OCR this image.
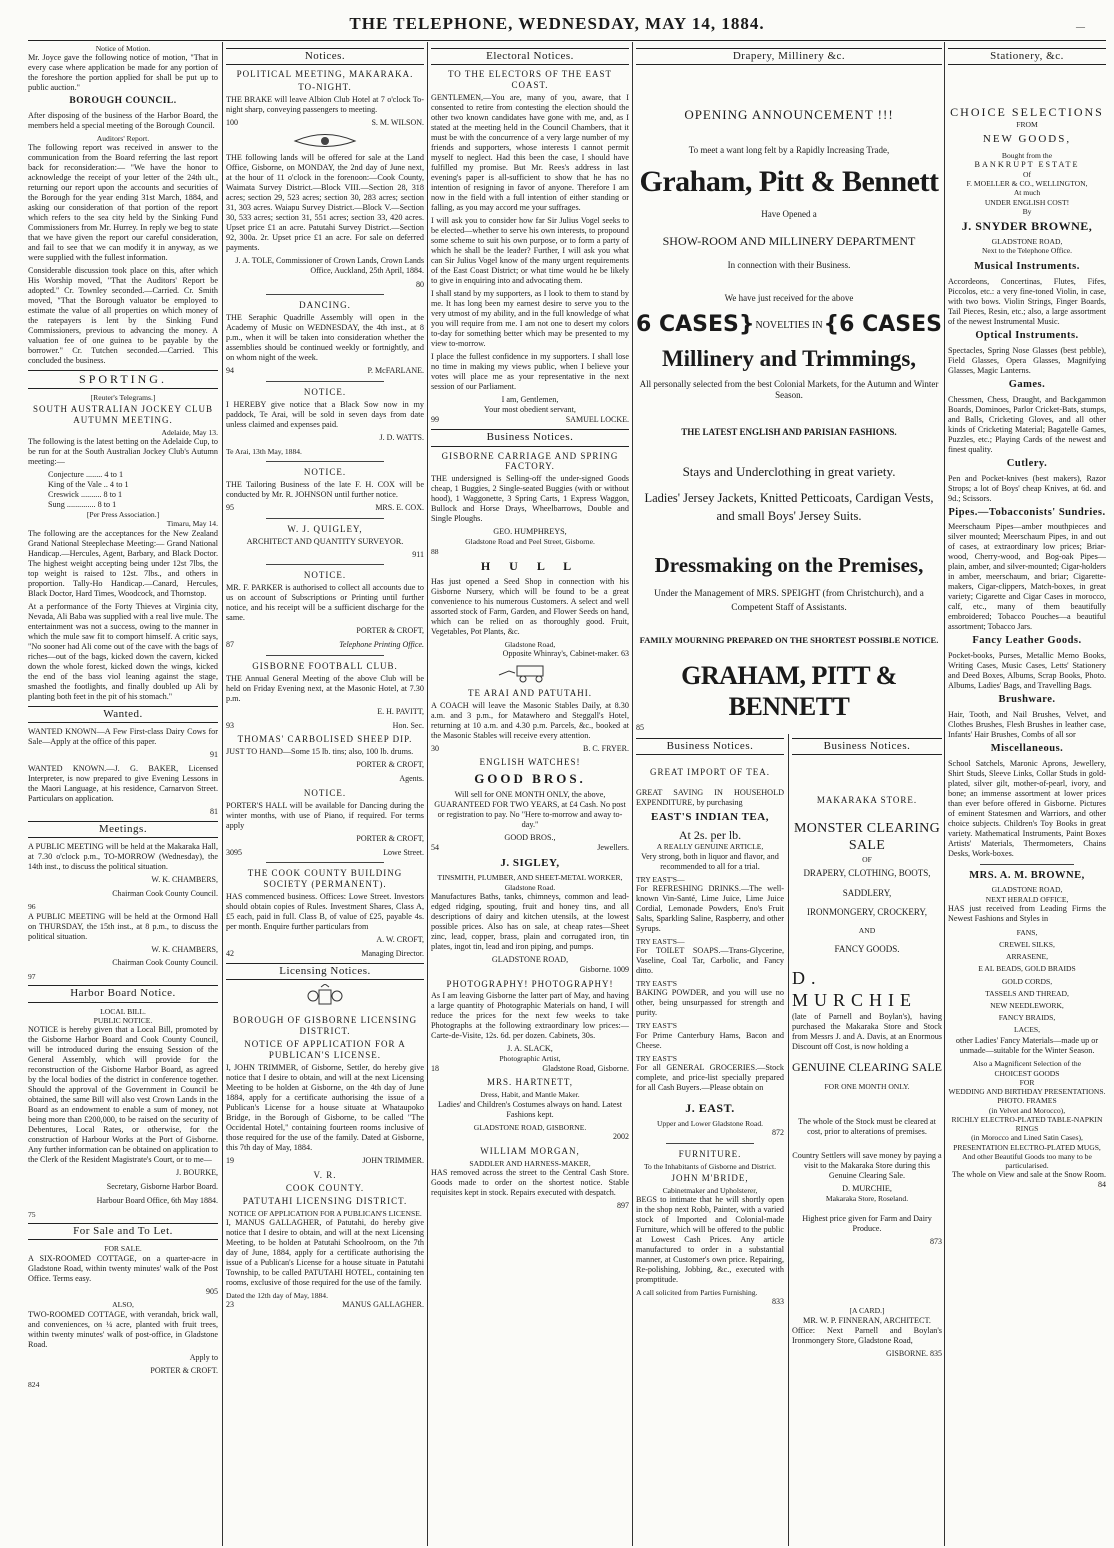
THE TELEPHONE, WEDNESDAY, MAY 14, 1884.	—
Notice of Motion.

Mr. Joyce gave the following notice of motion, "That in every case where application be made for any portion of the foreshore the portion applied for shall be put up to public auction."

BOROUGH COUNCIL.

After disposing of the business of the Harbor Board, the members held a special meeting of the Borough Council.

Auditors' Report.

The following report was received in answer to the communication from the Board referring the last report back for reconsideration:— "We have the honor to acknowledge the receipt of your letter of the 24th ult., returning our report upon the accounts and securities of the Borough for the year ending 31st March, 1884, and asking our consideration of that portion of the report which refers to the sea city held by the Sinking Fund Commissioners from Mr. Hurrey. In reply we beg to state that we have given the report our careful consideration, and fail to see that we can modify it in anyway, as we were supplied with the fullest information.

Considerable discussion took place on this, after which His Worship moved, "That the Auditors' Report be adopted." Cr. Townley seconded.—Carried. Cr. Smith moved, "That the Borough valuator be employed to estimate the value of all properties on which money of the ratepayers is lent by the Sinking Fund Commissioners, previous to advancing the money. A valuation fee of one guinea to be payable by the borrower." Cr. Tutchen seconded.—Carried. This concluded the business.

SPORTING.
[Reuter's Telegrams.]
SOUTH AUSTRALIAN JOCKEY CLUB AUTUMN MEETING.
Adelaide, May 13.

The following is the latest betting on the Adelaide Cup, to be run for at the South Australian Jockey Club's Autumn meeting:—

Conjecture ........ 4 to 1
King of the Vale .. 4 to 1
Creswick .......... 8 to 1
Sung .............. 8 to 1
[Per Press Association.]
Timaru, May 14.

The following are the acceptances for the New Zealand Grand National Steeplechase Meeting:— Grand National Handicap.—Hercules, Agent, Barbary, and Black Doctor. The highest weight accepting being under 12st 7lbs, the top weight is raised to 12st. 7lbs., and others in proportion. Tally-Ho Handicap.—Canard, Hercules, Black Doctor, Hard Times, Woodcock, and Thornstop.

At a performance of the Forty Thieves at Virginia city, Nevada, Ali Baba was supplied with a real live mule. The entertainment was not a success, owing to the manner in which the mule saw fit to comport himself. A critic says, "No sooner had Ali come out of the cave with the bags of riches—out of the bags, kicked down the cavern, kicked down the whole forest, kicked down the wings, kicked the end of the bass viol leaning against the stage, smashed the footlights, and finally doubled up Ali by planting both feet in the pit of his stomach."

Wanted.

WANTED KNOWN—A Few First-class Dairy Cows for Sale—Apply at the office of this paper.

91

WANTED KNOWN.—J. G. BAKER, Licensed Interpreter, is now prepared to give Evening Lessons in the Maori Language, at his residence, Carnarvon Street. Particulars on application.

81
Meetings.

A PUBLIC MEETING will be held at the Makaraka Hall, at 7.30 o'clock p.m., TO-MORROW (Wednesday), the 14th inst., to discuss the political situation.

W. K. CHAMBERS,
Chairman Cook County Council.
96

A PUBLIC MEETING will be held at the Ormond Hall on THURSDAY, the 15th inst., at 8 p.m., to discuss the political situation.

W. K. CHAMBERS,
Chairman Cook County Council.
97
Harbor Board Notice.
LOCAL BILL.
PUBLIC NOTICE.

NOTICE is hereby given that a Local Bill, promoted by the Gisborne Harbor Board and Cook County Council, will be introduced during the ensuing Session of the General Assembly, which will provide for the reconstruction of the Gisborne Harbor Board, as agreed by the local bodies of the district in conference together. Should the approval of the Government in Council be obtained, the same Bill will also vest Crown Lands in the Board as an endowment to enable a sum of money, not being more than £200,000, to be raised on the security of Debentures, Local Rates, or otherwise, for the construction of Harbour Works at the Port of Gisborne. Any further information can be obtained on application to the Clerk of the Resident Magistrate's Court, or to me—

J. BOURKE,
Secretary, Gisborne Harbor Board.
Harbour Board Office, 6th May 1884.
75
For Sale and To Let.
FOR SALE.

A SIX-ROOMED COTTAGE, on a quarter-acre in Gladstone Road, within twenty minutes' walk of the Post Office. Terms easy.

905
ALSO,

TWO-ROOMED COTTAGE, with verandah, brick wall, and conveniences, on ¼ acre, planted with fruit trees, within twenty minutes' walk of post-office, in Gladstone Road.

Apply to
PORTER & CROFT.
824
Notices.
POLITICAL MEETING, MAKARAKA.
TO-NIGHT.

THE BRAKE will leave Albion Club Hotel at 7 o'clock To-night sharp, conveying passengers to meeting.

100	S. M. WILSON.

THE following lands will be offered for sale at the Land Office, Gisborne, on MONDAY, the 2nd day of June next, at the hour of 11 o'clock in the forenoon:—Cook County, Waimata Survey District.—Block VIII.—Section 28, 318 acres; section 29, 523 acres; section 30, 283 acres; section 31, 303 acres. Waiapu Survey District.—Block V.—Section 30, 533 acres; section 31, 551 acres; section 33, 420 acres. Upset price £1 an acre. Patutahi Survey District.—Section 92, 300a. 2r. Upset price £1 an acre. For sale on deferred payments.

J. A. TOLE, Commissioner of Crown Lands, Crown Lands Office, Auckland, 25th April, 1884.
80
DANCING.

THE Seraphic Quadrille Assembly will open in the Academy of Music on WEDNESDAY, the 4th inst., at 8 p.m., when it will be taken into consideration whether the assemblies should be continued weekly or fortnightly, and on whom night of the week.

94	P. McFARLANE.
NOTICE.

I HEREBY give notice that a Black Sow now in my paddock, Te Arai, will be sold in seven days from date unless claimed and expenses paid.

J. D. WATTS.
Te Arai, 13th May, 1884.
NOTICE.

THE Tailoring Business of the late F. H. COX will be conducted by Mr. R. JOHNSON until further notice.

95	MRS. E. COX.
W. J. QUIGLEY,

ARCHITECT AND QUANTITY SURVEYOR.

911
NOTICE.

MR. F. PARKER is authorised to collect all accounts due to us on account of Subscriptions or Printing until further notice, and his receipt will be a sufficient discharge for the same.

PORTER & CROFT,
87	Telephone Printing Office.
GISBORNE FOOTBALL CLUB.

THE Annual General Meeting of the above Club will be held on Friday Evening next, at the Masonic Hotel, at 7.30 p.m.

E. H. PAVITT,
93	Hon. Sec.
THOMAS' CARBOLISED SHEEP DIP.

JUST TO HAND—Some 15 lb. tins; also, 100 lb. drums.

PORTER & CROFT,
Agents.
NOTICE.

PORTER'S HALL will be available for Dancing during the winter months, with use of Piano, if required. For terms apply

PORTER & CROFT,
3095	Lowe Street.
THE COOK COUNTY BUILDING SOCIETY (PERMANENT).

HAS commenced business. Offices: Lowe Street. Investors should obtain copies of Rules. Investment Shares, Class A, £5 each, paid in full. Class B, of value of £25, payable 4s. per month. Enquire further particulars from

A. W. CROFT,
42	Managing Director.
Licensing Notices.
BOROUGH OF GISBORNE LICENSING DISTRICT.
NOTICE OF APPLICATION FOR A PUBLICAN'S LICENSE.

I, JOHN TRIMMER, of Gisborne, Settler, do hereby give notice that I desire to obtain, and will at the next Licensing Meeting to be holden at Gisborne, on the 4th day of June 1884, apply for a certificate authorising the issue of a Publican's License for a house situate at Whataupoko Bridge, in the Borough of Gisborne, to be called "The Occidental Hotel," containing fourteen rooms inclusive of those required for the use of the family. Dated at Gisborne, this 7th day of May, 1884.

19	JOHN TRIMMER.
V. R.
COOK COUNTY.
PATUTAHI LICENSING DISTRICT.
NOTICE OF APPLICATION FOR A PUBLICAN'S LICENSE.

I, MANUS GALLAGHER, of Patutahi, do hereby give notice that I desire to obtain, and will at the next Licensing Meeting, to be holden at Patutahi Schoolroom, on the 7th day of June, 1884, apply for a certificate authorising the issue of a Publican's License for a house situate in Patutahi Township, to be called PATUTAHI HOTEL, containing ten rooms, exclusive of those required for the use of the family.

Dated the 12th day of May, 1884.
23	MANUS GALLAGHER.
Electoral Notices.
TO THE ELECTORS OF THE EAST COAST.

GENTLEMEN,—You are, many of you, aware, that I consented to retire from contesting the election should the other two known candidates have gone with me, and, as I stated at the meeting held in the Council Chambers, that it must be with the concurrence of a very large number of my friends and supporters, whose interests I cannot permit myself to neglect. Had this been the case, I should have fulfilled my promise. But Mr. Rees's address in last evening's paper is all-sufficient to show that he has no intention of resigning in favor of anyone. Therefore I am now in the field with a full intention of either standing or falling, as you may accord me your suffrages.

I will ask you to consider how far Sir Julius Vogel seeks to be elected—whether to serve his own interests, to propound some scheme to suit his own purpose, or to form a party of which he shall be the leader? Further, I will ask you what can Sir Julius Vogel know of the many urgent requirements of the East Coast District; or what time would he be likely to give in enquiring into and advocating them.

I shall stand by my supporters, as I look to them to stand by me. It has long been my earnest desire to serve you to the very utmost of my ability, and in the full knowledge of what you will require from me. I am not one to desert my colors to-day for something better which may be presented to my view to-morrow.

I place the fullest confidence in my supporters. I shall lose no time in making my views public, when I believe your votes will place me as your representative in the next session of our Parliament.

I am, Gentlemen,
Your most obedient servant,
99	SAMUEL LOCKE.
Business Notices.
GISBORNE CARRIAGE AND SPRING FACTORY.

THE undersigned is Selling-off the under-signed Goods cheap, 1 Buggies, 2 Single-seated Buggies (with or without hood), 1 Waggonette, 3 Spring Carts, 1 Express Waggon, Bullock and Horse Drays, Wheelbarrows, Double and Single Ploughs.

GEO. HUMPHREYS,
Gladstone Road and Peel Street, Gisborne.
88
H U L L

Has just opened a Seed Shop in connection with his Gisborne Nursery, which will be found to be a great convenience to his numerous Customers. A select and well assorted stock of Farm, Garden, and Flower Seeds on hand, which can be relied on as thoroughly good. Fruit, Vegetables, Pot Plants, &c.

Gladstone Road,
Opposite Whinray's, Cabinet-maker. 63
TE ARAI AND PATUTAHI.

A COACH will leave the Masonic Stables Daily, at 8.30 a.m. and 3 p.m., for Matawhero and Steggall's Hotel, returning at 10 a.m. and 4.30 p.m. Parcels, &c., booked at the Masonic Stables will receive every attention.

30	B. C. FRYER.
ENGLISH WATCHES!
GOOD BROS.

Will sell for ONE MONTH ONLY, the above, GUARANTEED FOR TWO YEARS, at £4 Cash. No post or registration to pay. No "Here to-morrow and away to-day."

GOOD BROS.,
54	Jewellers.
J. SIGLEY,
TINSMITH, PLUMBER, AND SHEET-METAL WORKER,
Gladstone Road.

Manufactures Baths, tanks, chimneys, common and lead-edged ridging, spouting, fruit and honey tins, and all descriptions of dairy and kitchen utensils, at the lowest possible prices. Also has on sale, at cheap rates—Sheet zinc, lead, copper, brass, plain and corrugated iron, tin plates, ingot tin, lead and iron piping, and pumps.

GLADSTONE ROAD,
Gisborne. 1009
PHOTOGRAPHY! PHOTOGRAPHY!

As I am leaving Gisborne the latter part of May, and having a large quantity of Photographic Materials on hand, I will reduce the prices for the next few weeks to take Photographs at the following extraordinary low prices:— Carte-de-Visite, 12s. 6d. per dozen. Cabinets, 30s.

J. A. SLACK,
Photographic Artist,
18	Gladstone Road, Gisborne.
MRS. HARTNETT,
Dress, Habit, and Mantle Maker.

Ladies' and Children's Costumes always on hand. Latest Fashions kept.

GLADSTONE ROAD, GISBORNE.
2002
WILLIAM MORGAN,
SADDLER AND HARNESS-MAKER,

HAS removed across the street to the Central Cash Store. Goods made to order on the shortest notice. Stable requisites kept in stock. Repairs executed with despatch.

897
Drapery, Millinery &c.
OPENING ANNOUNCEMENT !!!
To meet a want long felt by a Rapidly Increasing Trade,
Graham, Pitt & Bennett
Have Opened a
SHOW-ROOM AND MILLINERY DEPARTMENT
In connection with their Business.
We have just received for the above
6 CASES} NOVELTIES IN {6 CASES
Millinery and Trimmings,
All personally selected from the best Colonial Markets, for the Autumn and Winter Season.
THE LATEST ENGLISH AND PARISIAN FASHIONS.
Stays and Underclothing in great variety.
Ladies' Jersey Jackets, Knitted Petticoats, Cardigan Vests, and small Boys' Jersey Suits.
Dressmaking on the Premises,
Under the Management of MRS. SPEIGHT (from Christchurch), and a Competent Staff of Assistants.
FAMILY MOURNING PREPARED ON THE SHORTEST POSSIBLE NOTICE.
GRAHAM, PITT & BENNETT
85
Business Notices.
GREAT IMPORT OF TEA.

GREAT SAVING IN HOUSEHOLD EXPENDITURE, by purchasing

EAST'S INDIAN TEA,
At 2s. per lb.
A REALLY GENUINE ARTICLE,

Very strong, both in liquor and flavor, and recommended to all for a trial.

TRY EAST'S—

For REFRESHING DRINKS.—The well-known Vin-Santé, Lime Juice, Lime Juice Cordial, Lemonade Powders, Eno's Fruit Salts, Sparkling Saline, Raspberry, and other Syrups.

TRY EAST'S—

For TOILET SOAPS.—Trans-Glycerine, Vaseline, Coal Tar, Carbolic, and Fancy ditto.

TRY EAST'S

BAKING POWDER, and you will use no other, being unsurpassed for strength and purity.

TRY EAST'S

For Prime Canterbury Hams, Bacon and Cheese.

TRY EAST'S

For all GENERAL GROCERIES.—Stock complete, and price-list specially prepared for all Cash Buyers.—Please obtain on

J. EAST.
Upper and Lower Gladstone Road.
872
FURNITURE.
To the Inhabitants of Gisborne and District.
JOHN M'BRIDE,
Cabinetmaker and Upholsterer,

BEGS to intimate that he will shortly open in the shop next Robb, Painter, with a varied stock of Imported and Colonial-made Furniture, which will be offered to the public at Lowest Cash Prices. Any article manufactured to order in a substantial manner, at Customer's own price. Repairing, Re-polishing, Jobbing, &c., executed with promptitude.

A call solicited from Parties Furnishing.
833
Business Notices.
MAKARAKA STORE.
MONSTER CLEARING SALE
OF
DRAPERY, CLOTHING, BOOTS,
SADDLERY,
IRONMONGERY, CROCKERY,
AND
FANCY GOODS.
D. MURCHIE

(late of Parnell and Boylan's), having purchased the Makaraka Store and Stock from Messrs J. and A. Davis, at an Enormous Discount off Cost, is now holding a

GENUINE CLEARING SALE
FOR ONE MONTH ONLY.

The whole of the Stock must be cleared at cost, prior to alterations of premises.

Country Settlers will save money by paying a visit to the Makaraka Store during this Genuine Clearing Sale.

D. MURCHIE,
Makaraka Store, Roseland.

Highest price given for Farm and Dairy Produce.

873
[A CARD.]
MR. W. P. FINNERAN, ARCHITECT.

Office: Next Parnell and Boylan's Ironmongery Store, Gladstone Road,

GISBORNE. 835
Stationery, &c.
CHOICE SELECTIONS
FROM
NEW GOODS,
Bought from the
BANKRUPT ESTATE
Of
F. MOELLER & CO., WELLINGTON,
At much
UNDER ENGLISH COST!
By
J. SNYDER BROWNE,
GLADSTONE ROAD,
Next to the Telephone Office.
Musical Instruments.

Accordeons, Concertinas, Flutes, Fifes, Piccolos, etc.: a very fine-toned Violin, in case, with two bows. Violin Strings, Finger Boards, Tail Pieces, Resin, etc.; also, a large assortment of the newest Instrumental Music.

Optical Instruments.

Spectacles, Spring Nose Glasses (best pebble), Field Glasses, Opera Glasses, Magnifying Glasses, Magic Lanterns.

Games.

Chessmen, Chess, Draught, and Backgammon Boards, Dominoes, Parlor Cricket-Bats, stumps, and Balls, Cricketing Gloves, and all other kinds of Cricketing Material; Bagatelle Games, Puzzles, etc.; Playing Cards of the newest and finest quality.

Cutlery.

Pen and Pocket-knives (best makers), Razor Strops; a lot of Boys' cheap Knives, at 6d. and 9d.; Scissors.

Pipes.—Tobacconists' Sundries.

Meerschaum Pipes—amber mouthpieces and silver mounted; Meerschaum Pipes, in and out of cases, at extraordinary low prices; Briar-wood, Cherry-wood, and Bog-oak Pipes—plain, amber, and silver-mounted; Cigar-holders in amber, meerschaum, and briar; Cigarette-makers, Cigar-clippers, Match-boxes, in great variety; Cigarette and Cigar Cases in morocco, calf, etc., many of them beautifully embroidered; Tobacco Pouches—a beautiful assortment; Tobacco Jars.

Fancy Leather Goods.

Pocket-books, Purses, Metallic Memo Books, Writing Cases, Music Cases, Letts' Stationery and Deed Boxes, Albums, Scrap Books, Photo. Albums, Ladies' Bags, and Travelling Bags.

Brushware.

Hair, Tooth, and Nail Brushes, Velvet, and Clothes Brushes, Flesh Brushes in leather case, Infants' Hair Brushes, Combs of all sor

Miscellaneous.

School Satchels, Maronic Aprons, Jewellery, Shirt Studs, Sleeve Links, Collar Studs in gold-plated, silver gilt, mother-of-pearl, ivory, and bone; an immense assortment at lower prices than ever before offered in Gisborne. Pictures of eminent Statesmen and Warriors, and other choice subjects. Children's Toy Books in great variety. Mathematical Instruments, Paint Boxes Artists' Materials, Thermometers, Chains Desks, Work-boxes.

MRS. A. M. BROWNE,
GLADSTONE ROAD,
NEXT HERALD OFFICE,

HAS just received from Leading Firms the Newest Fashions and Styles in

FANS,
CREWEL SILKS,
ARRASENE,
E AL BEADS, GOLD BRAIDS
GOLD CORDS,
TASSELS AND THREAD,
NEW NEEDLEWORK,
FANCY BRAIDS,
LACES,

other Ladies' Fancy Materials—made up or unmade—suitable for the Winter Season.

Also a Magnificent Selection of the
CHOICEST GOODS
FOR
WEDDING AND BIRTHDAY PRESENTATIONS.
PHOTO. FRAMES
(in Velvet and Morocco),
RICHLY ELECTRO-PLATED TABLE-NAPKIN RINGS
(in Morocco and Lined Satin Cases),
PRESENTATION ELECTRO-PLATED MUGS,
And other Beautiful Goods too many to be particularised.
The whole on View and sale at the Snow Room. 84
